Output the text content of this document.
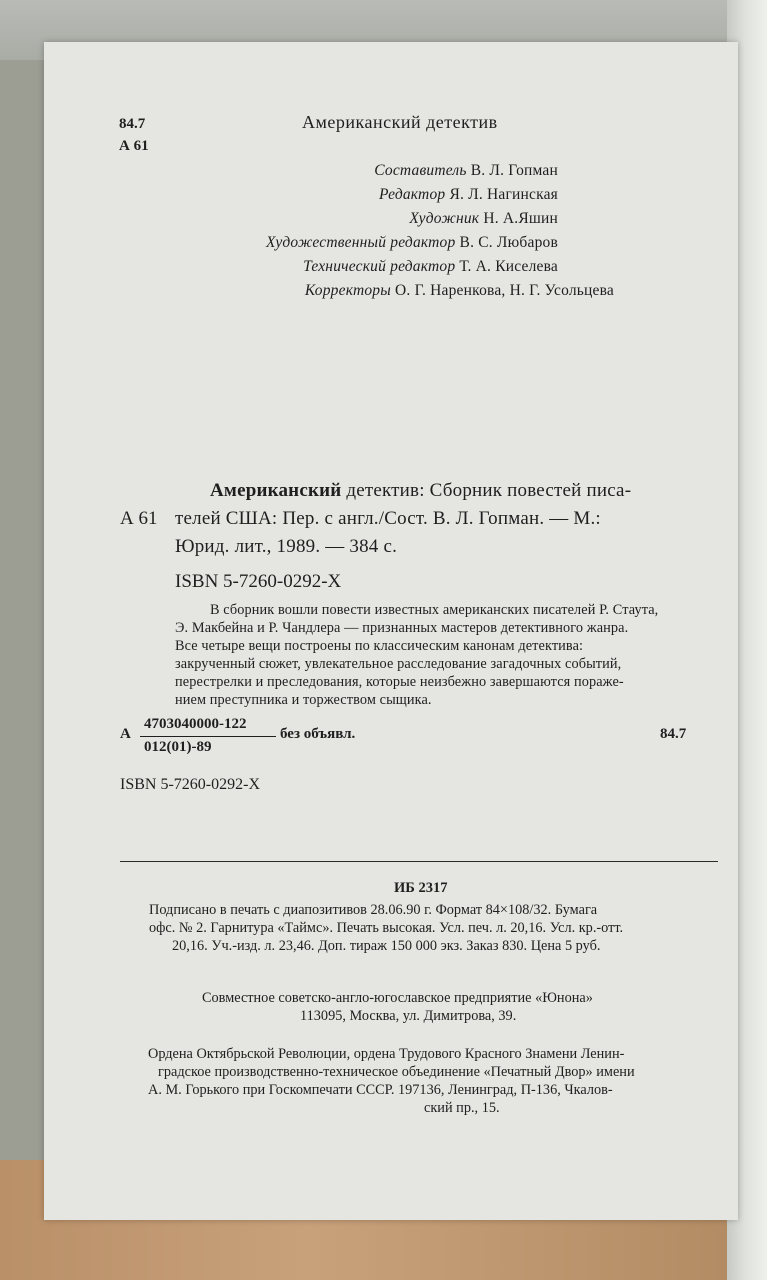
84.7
А 61
Американский детектив
Составитель В. Л. Гопман
Редактор Я. Л. Нагинская
Художник Н. А.Яшин
Художественный редактор В. С. Любаров
Технический редактор Т. А. Киселева
Корректоры О. Г. Наренкова, Н. Г. Усольцева
Американский детектив: Сборник повестей писа-
А 61 телей США: Пер. с англ./Сост. В. Л. Гопман. — М.:
Юрид. лит., 1989. — 384 с.
ISBN 5-7260-0292-Х
В сборник вошли повести известных американских писателей Р. Стаута,
Э. Макбейна и Р. Чандлера — признанных мастеров детективного жанра.
Все четыре вещи построены по классическим канонам детектива:
закрученный сюжет, увлекательное расследование загадочных событий,
перестрелки и преследования, которые неизбежно завершаются пораже-
нием преступника и торжеством сыщика.
А
4703040000-122
012(01)-89
без объявл.	84.7
ISBN 5-7260-0292-Х
ИБ 2317
Подписано в печать с диапозитивов 28.06.90 г. Формат 84×108/32. Бумага
офс. № 2. Гарнитура «Таймс». Печать высокая. Усл. печ. л. 20,16. Усл. кр.-отт.
20,16. Уч.-изд. л. 23,46. Доп. тираж 150 000 экз. Заказ 830. Цена 5 руб.
Совместное советско-англо-югославское предприятие «Юнона»
113095, Москва, ул. Димитрова, 39.
Ордена Октябрьской Революции, ордена Трудового Красного Знамени Ленин-
градское производственно-техническое объединение «Печатный Двор» имени
А. М. Горького при Госкомпечати СССР. 197136, Ленинград, П-136, Чкалов-
ский пр., 15.
